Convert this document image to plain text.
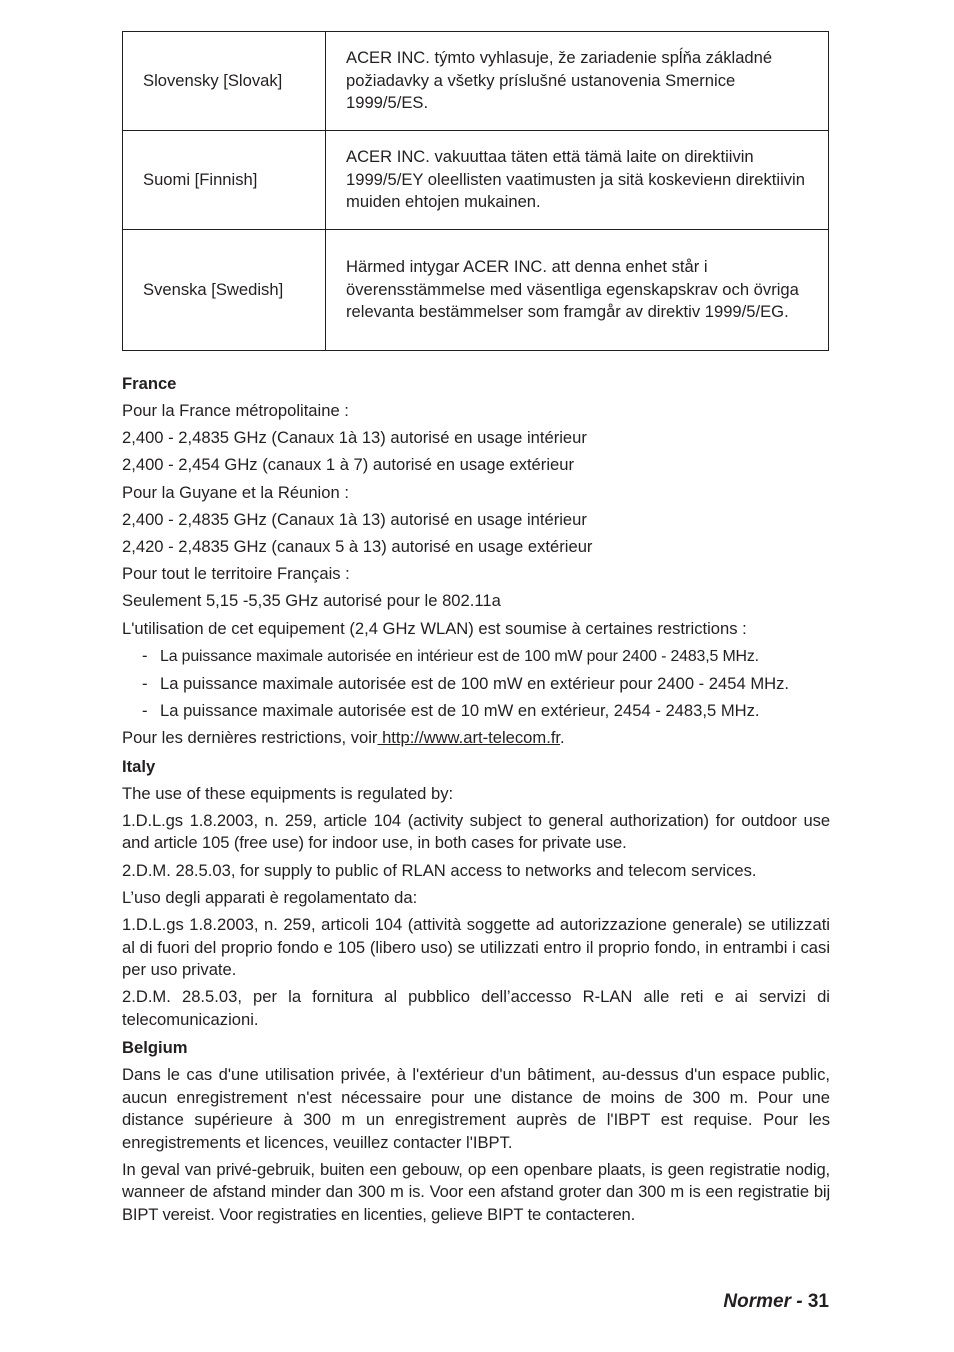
Slovensky [Slovak]	ACER INC. týmto vyhlasuje, že zariadenie spĺňa základné požiadavky a všetky príslušné ustanovenia Smernice 1999/5/ES.
Suomi [Finnish]	ACER INC. vakuuttaa täten että tämä laite on direktiivin 1999/5/EY oleellisten vaatimusten ja sitä koskeviенn direktiivin muiden ehtojen mukainen.
Svenska [Swedish]	Härmed intygar ACER INC. att denna enhet står i överensstämmelse med väsentliga egenskapskrav och övriga relevanta bestämmelser som framgår av direktiv 1999/5/EG.
France
Pour la France métropolitaine :
2,400 - 2,4835 GHz (Canaux 1à 13) autorisé en usage intérieur
2,400 - 2,454 GHz (canaux 1 à 7) autorisé en usage extérieur
Pour la Guyane et la Réunion :
2,400 - 2,4835 GHz (Canaux 1à 13) autorisé en usage intérieur
2,420 - 2,4835 GHz (canaux 5 à 13) autorisé en usage extérieur
Pour tout le territoire Français :
Seulement 5,15 -5,35 GHz autorisé pour le 802.11a
L'utilisation de cet equipement (2,4 GHz WLAN) est soumise à certaines restrictions :
- La puissance maximale autorisée en intérieur est de 100 mW pour 2400 - 2483,5 MHz.
- La puissance maximale autorisée est de 100 mW en extérieur pour 2400 - 2454 MHz.
- La puissance maximale autorisée est de 10 mW en extérieur, 2454 - 2483,5 MHz.
Pour les dernières restrictions, voir http://www.art-telecom.fr.
Italy
The use of these equipments is regulated by:
1.D.L.gs 1.8.2003, n. 259, article 104 (activity subject to general authorization) for outdoor use and article 105 (free use) for indoor use, in both cases for private use.
2.D.M. 28.5.03, for supply to public of RLAN access to networks and telecom services.
L’uso degli apparati è regolamentato da:
1.D.L.gs 1.8.2003, n. 259, articoli 104 (attività soggette ad autorizzazione generale) se utilizzati al di fuori del proprio fondo e 105 (libero uso) se utilizzati entro il proprio fondo, in entrambi i casi per uso private.
2.D.M. 28.5.03, per la fornitura al pubblico dell’accesso R-LAN alle reti e ai servizi di telecomunicazioni.
Belgium
Dans le cas d'une utilisation privée, à l'extérieur d'un bâtiment, au-dessus d'un espace public, aucun enregistrement n'est nécessaire pour une distance de moins de 300 m. Pour une distance supérieure à 300 m un enregistrement auprès de l'IBPT est requise. Pour les enregistrements et licences, veuillez contacter l'IBPT.
In geval van privé-gebruik, buiten een gebouw, op een openbare plaats, is geen registratie nodig, wanneer de afstand minder dan 300 m is. Voor een afstand groter dan 300 m is een registratie bij BIPT vereist. Voor registraties en licenties, gelieve BIPT te contacteren.
Normer - 31
